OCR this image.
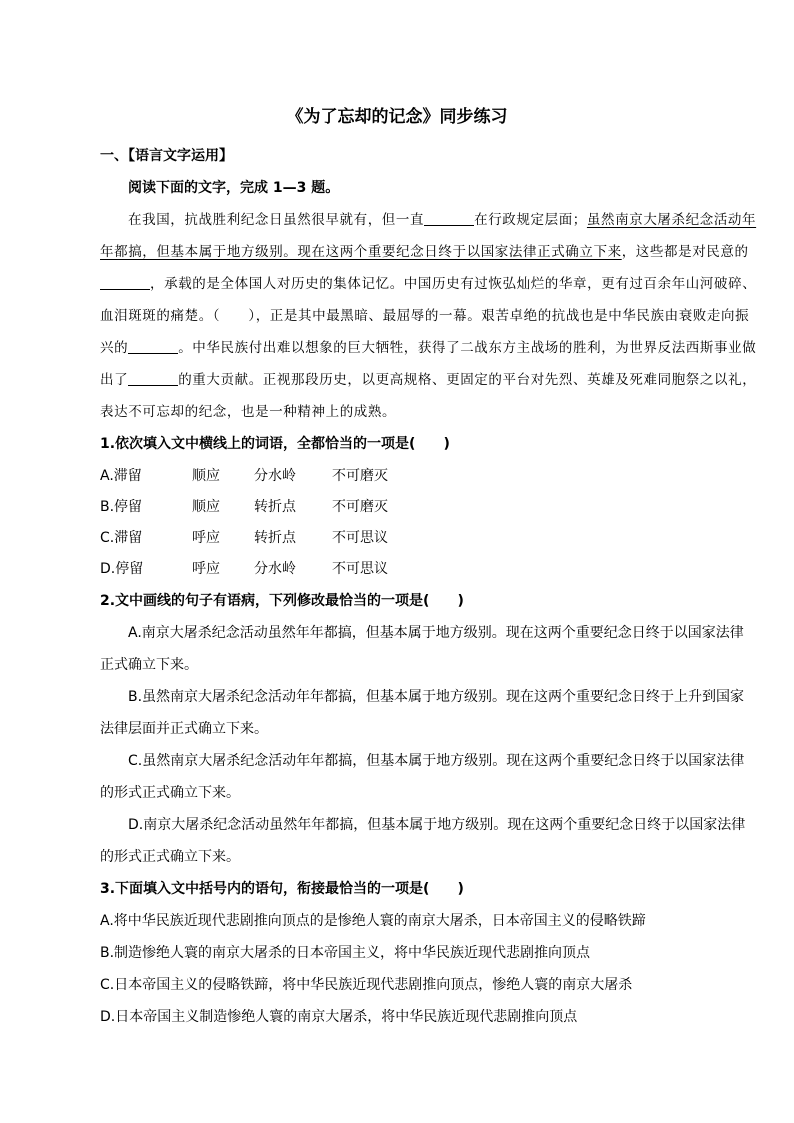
《为了忘却的记念》同步练习
一、【语言文字运用】
阅读下面的文字，完成 1—3 题。
在我国，抗战胜利纪念日虽然很早就有，但一直	在行政规定层面；虽然南京大屠杀纪念活动年
年都搞，但基本属于地方级别。现在这两个重要纪念日终于以国家法律正式确立下来，这些都是对民意的
，承载的是全体国人对历史的集体记忆。中国历史有过恢弘灿烂的华章，更有过百余年山河破碎、
血泪斑斑的痛楚。（　　），正是其中最黑暗、最屈辱的一幕。艰苦卓绝的抗战也是中华民族由衰败走向振
兴的	。中华民族付出难以想象的巨大牺牲，获得了二战东方主战场的胜利，为世界反法西斯事业做
出了	的重大贡献。正视那段历史，以更高规格、更固定的平台对先烈、英雄及死难同胞祭之以礼，
表达不可忘却的纪念，也是一种精神上的成熟。
1.依次填入文中横线上的词语，全都恰当的一项是(　　)
A.滞留	顺应 分水岭	不可磨灭
B.停留	顺应 转折点	不可磨灭
C.滞留	呼应 转折点	不可思议
D.停留	呼应 分水岭	不可思议
2.文中画线的句子有语病，下列修改最恰当的一项是(　　)
A.南京大屠杀纪念活动虽然年年都搞，但基本属于地方级别。现在这两个重要纪念日终于以国家法律
正式确立下来。
B.虽然南京大屠杀纪念活动年年都搞，但基本属于地方级别。现在这两个重要纪念日终于上升到国家
法律层面并正式确立下来。
C.虽然南京大屠杀纪念活动年年都搞，但基本属于地方级别。现在这两个重要纪念日终于以国家法律
的形式正式确立下来。
D.南京大屠杀纪念活动虽然年年都搞，但基本属于地方级别。现在这两个重要纪念日终于以国家法律
的形式正式确立下来。
3.下面填入文中括号内的语句，衔接最恰当的一项是(　　)
A.将中华民族近现代悲剧推向顶点的是惨绝人寰的南京大屠杀，日本帝国主义的侵略铁蹄
B.制造惨绝人寰的南京大屠杀的日本帝国主义，将中华民族近现代悲剧推向顶点
C.日本帝国主义的侵略铁蹄，将中华民族近现代悲剧推向顶点，惨绝人寰的南京大屠杀
D.日本帝国主义制造惨绝人寰的南京大屠杀，将中华民族近现代悲剧推向顶点
